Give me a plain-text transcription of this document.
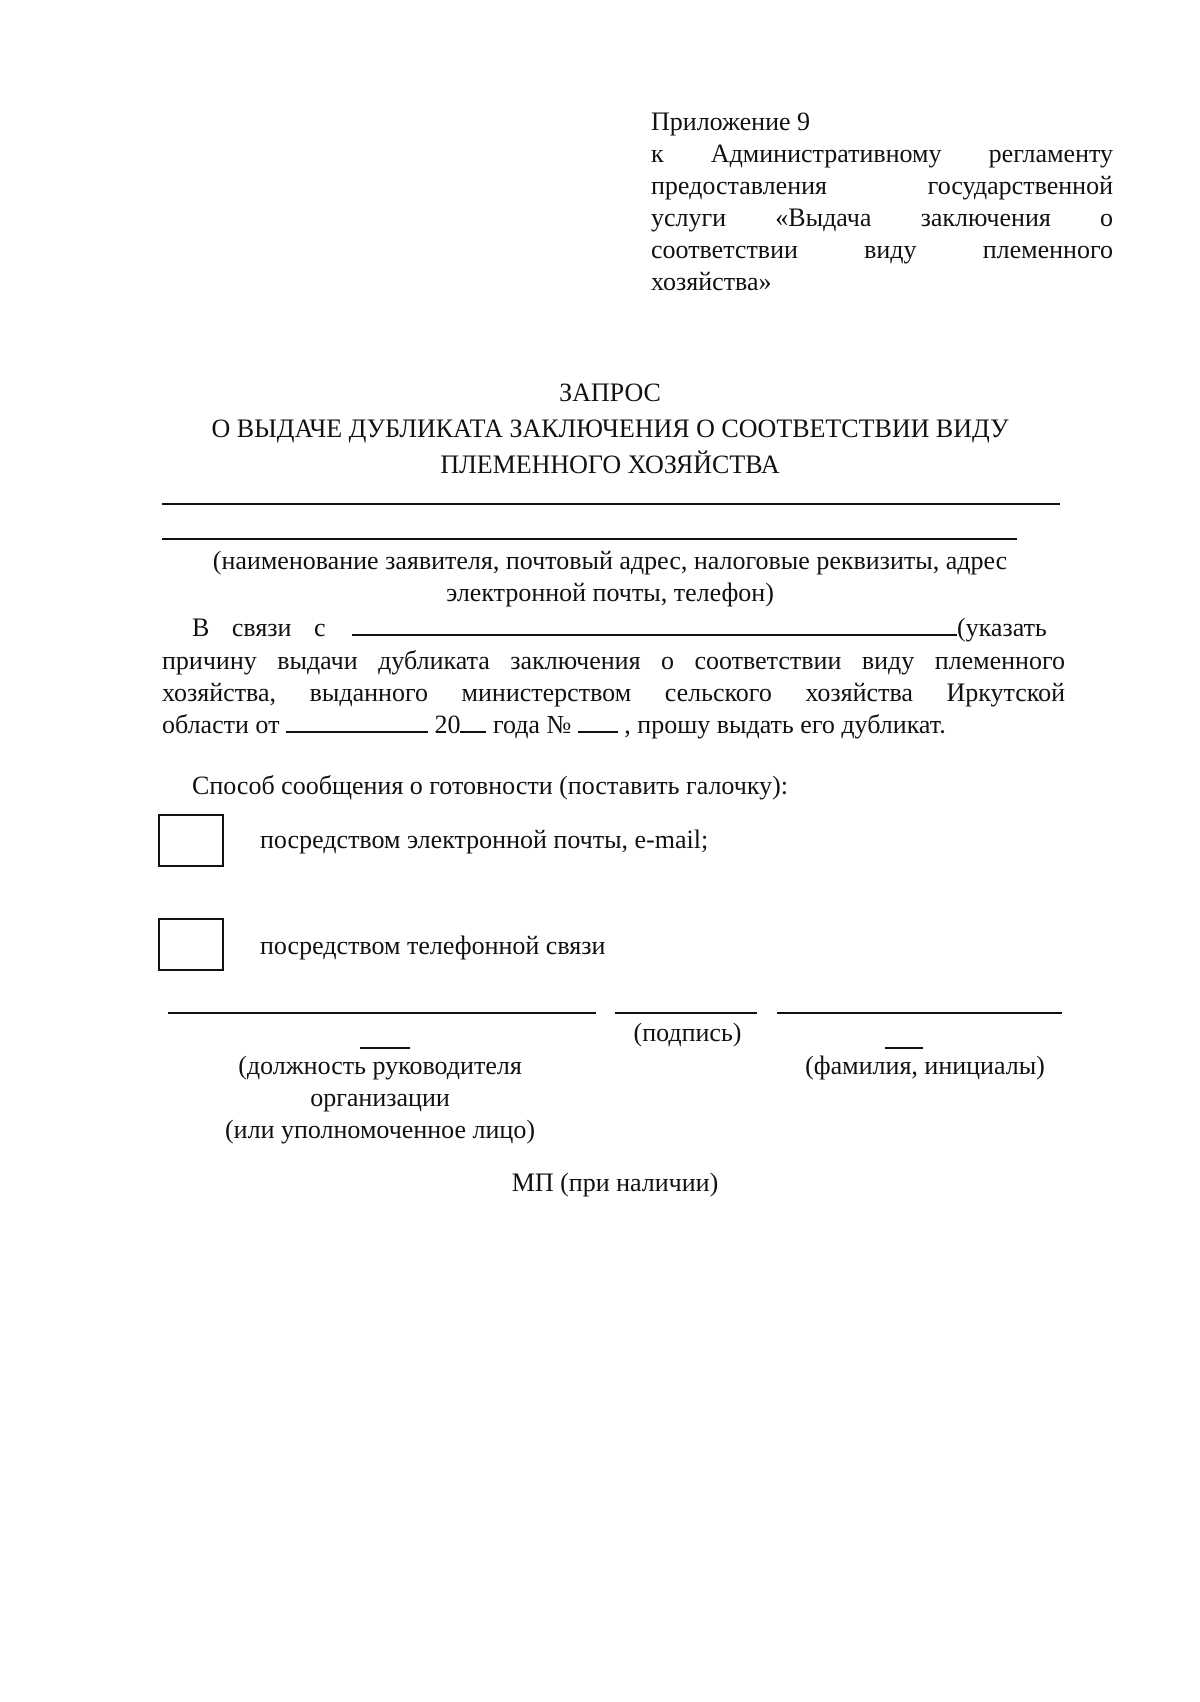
Приложение 9
к Административному регламенту
предоставления государственной
услуги «Выдача заключения о
соответствии виду племенного
хозяйства»
ЗАПРОС
О ВЫДАЧЕ ДУБЛИКАТА ЗАКЛЮЧЕНИЯ О СООТВЕТСТВИИ ВИДУ
ПЛЕМЕННОГО ХОЗЯЙСТВА
(наименование заявителя, почтовый адрес, налоговые реквизиты, адрес
электронной почты, телефон)
В связи с	(указать
причину выдачи дубликата заключения о соответствии виду племенного
хозяйства, выданного министерством сельского хозяйства Иркутской
области от	20 года № , прошу выдать его дубликат.
Способ сообщения о готовности (поставить галочку):
посредством электронной почты, e-mail;
посредством телефонной связи
(должность руководителя
организации
(или уполномоченное лицо)
(подпись)
(фамилия, инициалы)
МП (при наличии)
